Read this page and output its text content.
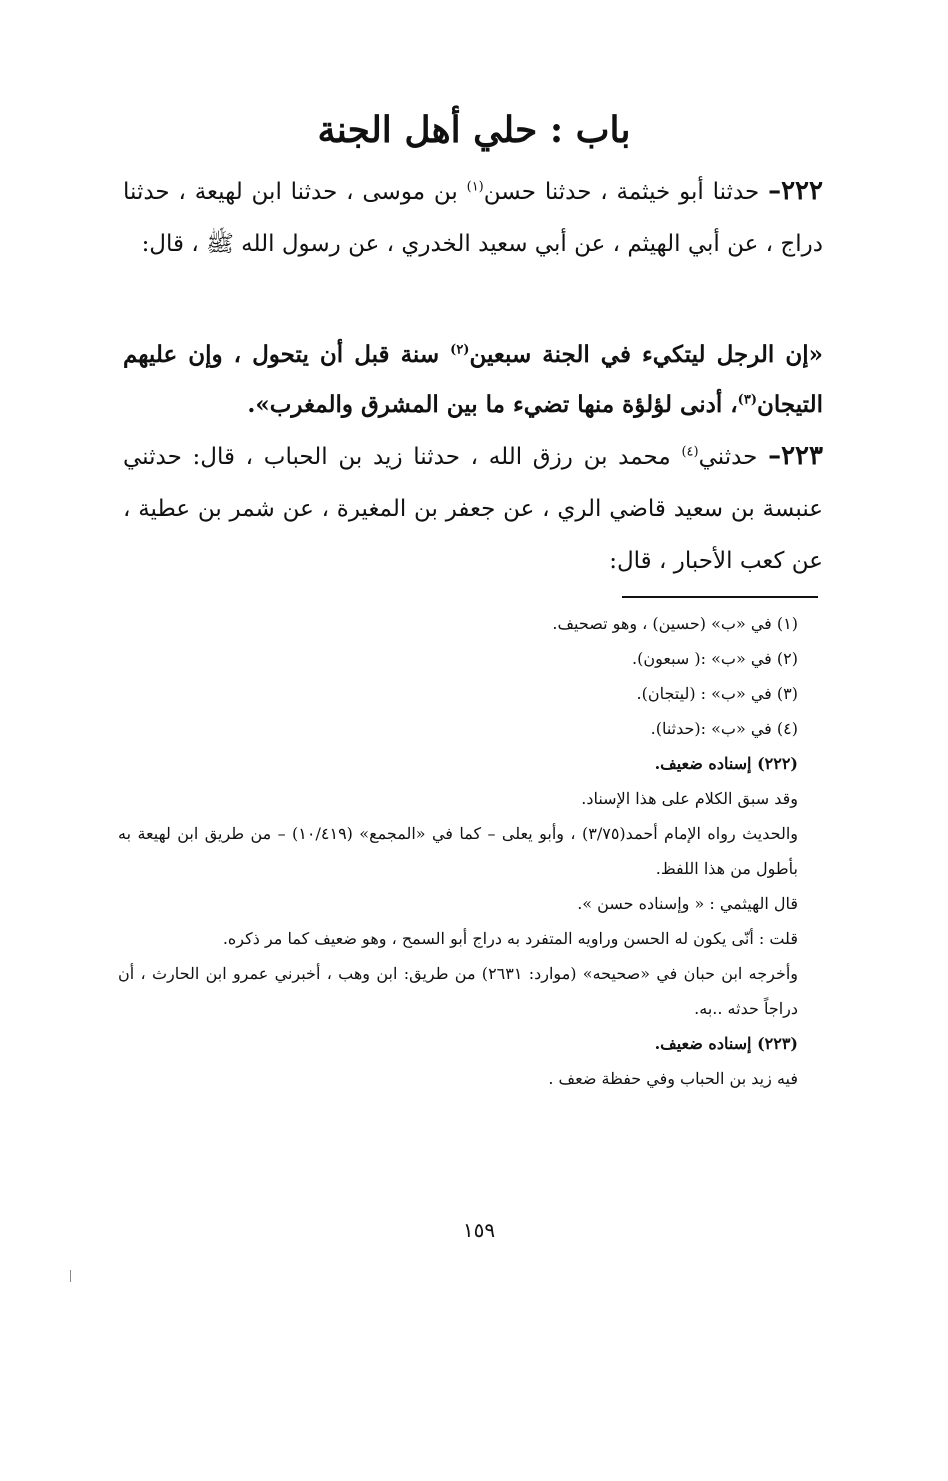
باب : حلي أهل الجنة
٢٢٢– حدثنا أبو خيثمة ، حدثنا حسن$^{(١)}$ بن موسى ، حدثنا ابن لهيعة ، حدثنا دراج ، عن أبي الهيثم ، عن أبي سعيد الخدري ، عن رسول الله ﷺ ، قال:
«إن الرجل ليتكيء في الجنة سبعين$^{(٢)}$ سنة قبل أن يتحول ، وإن عليهم التيجان$^{(٣)}$، أدنى لؤلؤة منها تضيء ما بين المشرق والمغرب».
٢٢٣– حدثني$^{(٤)}$ محمد بن رزق الله ، حدثنا زيد بن الحباب ، قال: حدثني عنبسة بن سعيد قاضي الري ، عن جعفر بن المغيرة ، عن شمر بن عطية ، عن كعب الأحبار ، قال:

(١) في «ب» (حسين) ، وهو تصحيف.

(٢) في «ب» :( سبعون).

(٣) في «ب» : (ليتجان).

(٤) في «ب» :(حدثنا).

(٢٢٢) إسناده ضعيف.

وقد سبق الكلام على هذا الإسناد.

والحديث رواه الإمام أحمد(٣/٧٥) ، وأبو يعلى – كما في «المجمع» (١٠/٤١٩) – من طريق ابن لهيعة به بأطول من هذا اللفظ.

قال الهيثمي : « وإسناده حسن ».

قلت : أنّى يكون له الحسن وراويه المتفرد به دراج أبو السمح ، وهو ضعيف كما مر ذكره.

وأخرجه ابن حبان في «صحيحه» (موارد: ٢٦٣١) من طريق: ابن وهب ، أخبرني عمرو ابن الحارث ، أن دراجاً حدثه ..به.

(٢٢٣) إسناده ضعيف.

فيه زيد بن الحباب وفي حفظة ضعف .

١٥٩
